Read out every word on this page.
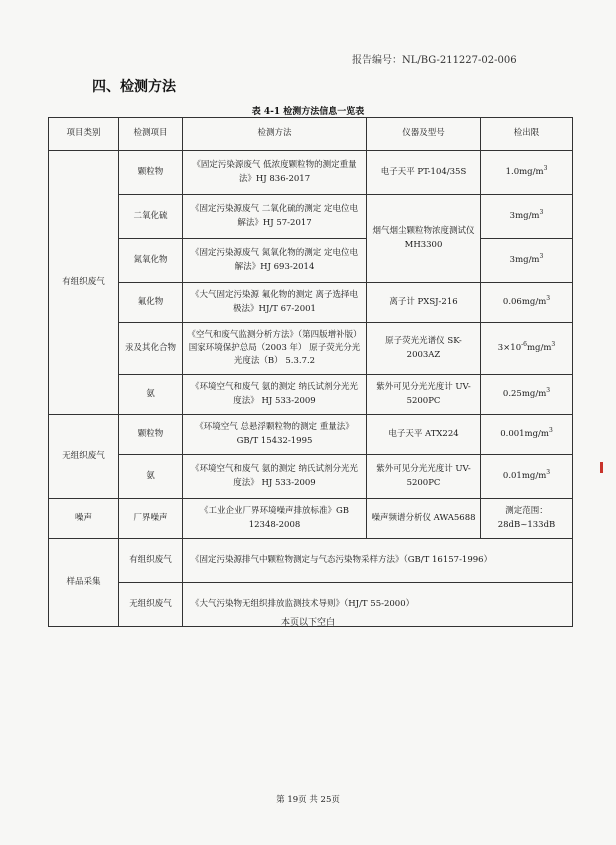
报告编号：NL/BG-211227-02-006
四、检测方法
表 4-1 检测方法信息一览表
项目类别	检测项目	检测方法	仪器及型号	检出限
有组织废气	颗粒物	《固定污染源废气 低浓度颗粒物的测定重量法》HJ 836-2017	电子天平 PT-104/35S	$1.0mg/m^3$
	二氧化硫	《固定污染源废气 二氧化硫的测定 定电位电解法》HJ 57-2017	烟气烟尘颗粒物浓度测试仪 MH3300	$3mg/m^3$
	氮氧化物	《固定污染源废气 氮氧化物的测定 定电位电解法》HJ 693-2014		$3mg/m^3$
	氟化物	《大气固定污染源 氟化物的测定 离子选择电极法》HJ/T 67-2001	离子计 PXSJ-216	$0.06mg/m^3$
	汞及其化合物	《空气和废气监测分析方法》（第四版增补版）国家环境保护总局（2003 年） 原子荧光分光光度法（B） 5.3.7.2	原子荧光光谱仪 SK-2003AZ	$3\times 10^{-6}mg/m^3$
	氨	《环境空气和废气 氨的测定 纳氏试剂分光光度法》 HJ 533-2009	紫外可见分光光度计 UV-5200PC	$0.25mg/m^3$
无组织废气	颗粒物	《环境空气 总悬浮颗粒物的测定 重量法》GB/T 15432-1995	电子天平 ATX224	$0.001mg/m^3$
	氨	《环境空气和废气 氨的测定 纳氏试剂分光光度法》 HJ 533-2009	紫外可见分光光度计 UV-5200PC	$0.01mg/m^3$
噪声	厂界噪声	《工业企业厂界环境噪声排放标准》GB 12348-2008	噪声频谱分析仪 AWA5688	测定范围：28dB~133dB
样品采集	有组织废气	《固定污染源排气中颗粒物测定与气态污染物采样方法》（GB/T 16157-1996）		
	无组织废气	《大气污染物无组织排放监测技术导则》（HJ/T 55-2000）		
本页以下空白
第 19页 共 25页
